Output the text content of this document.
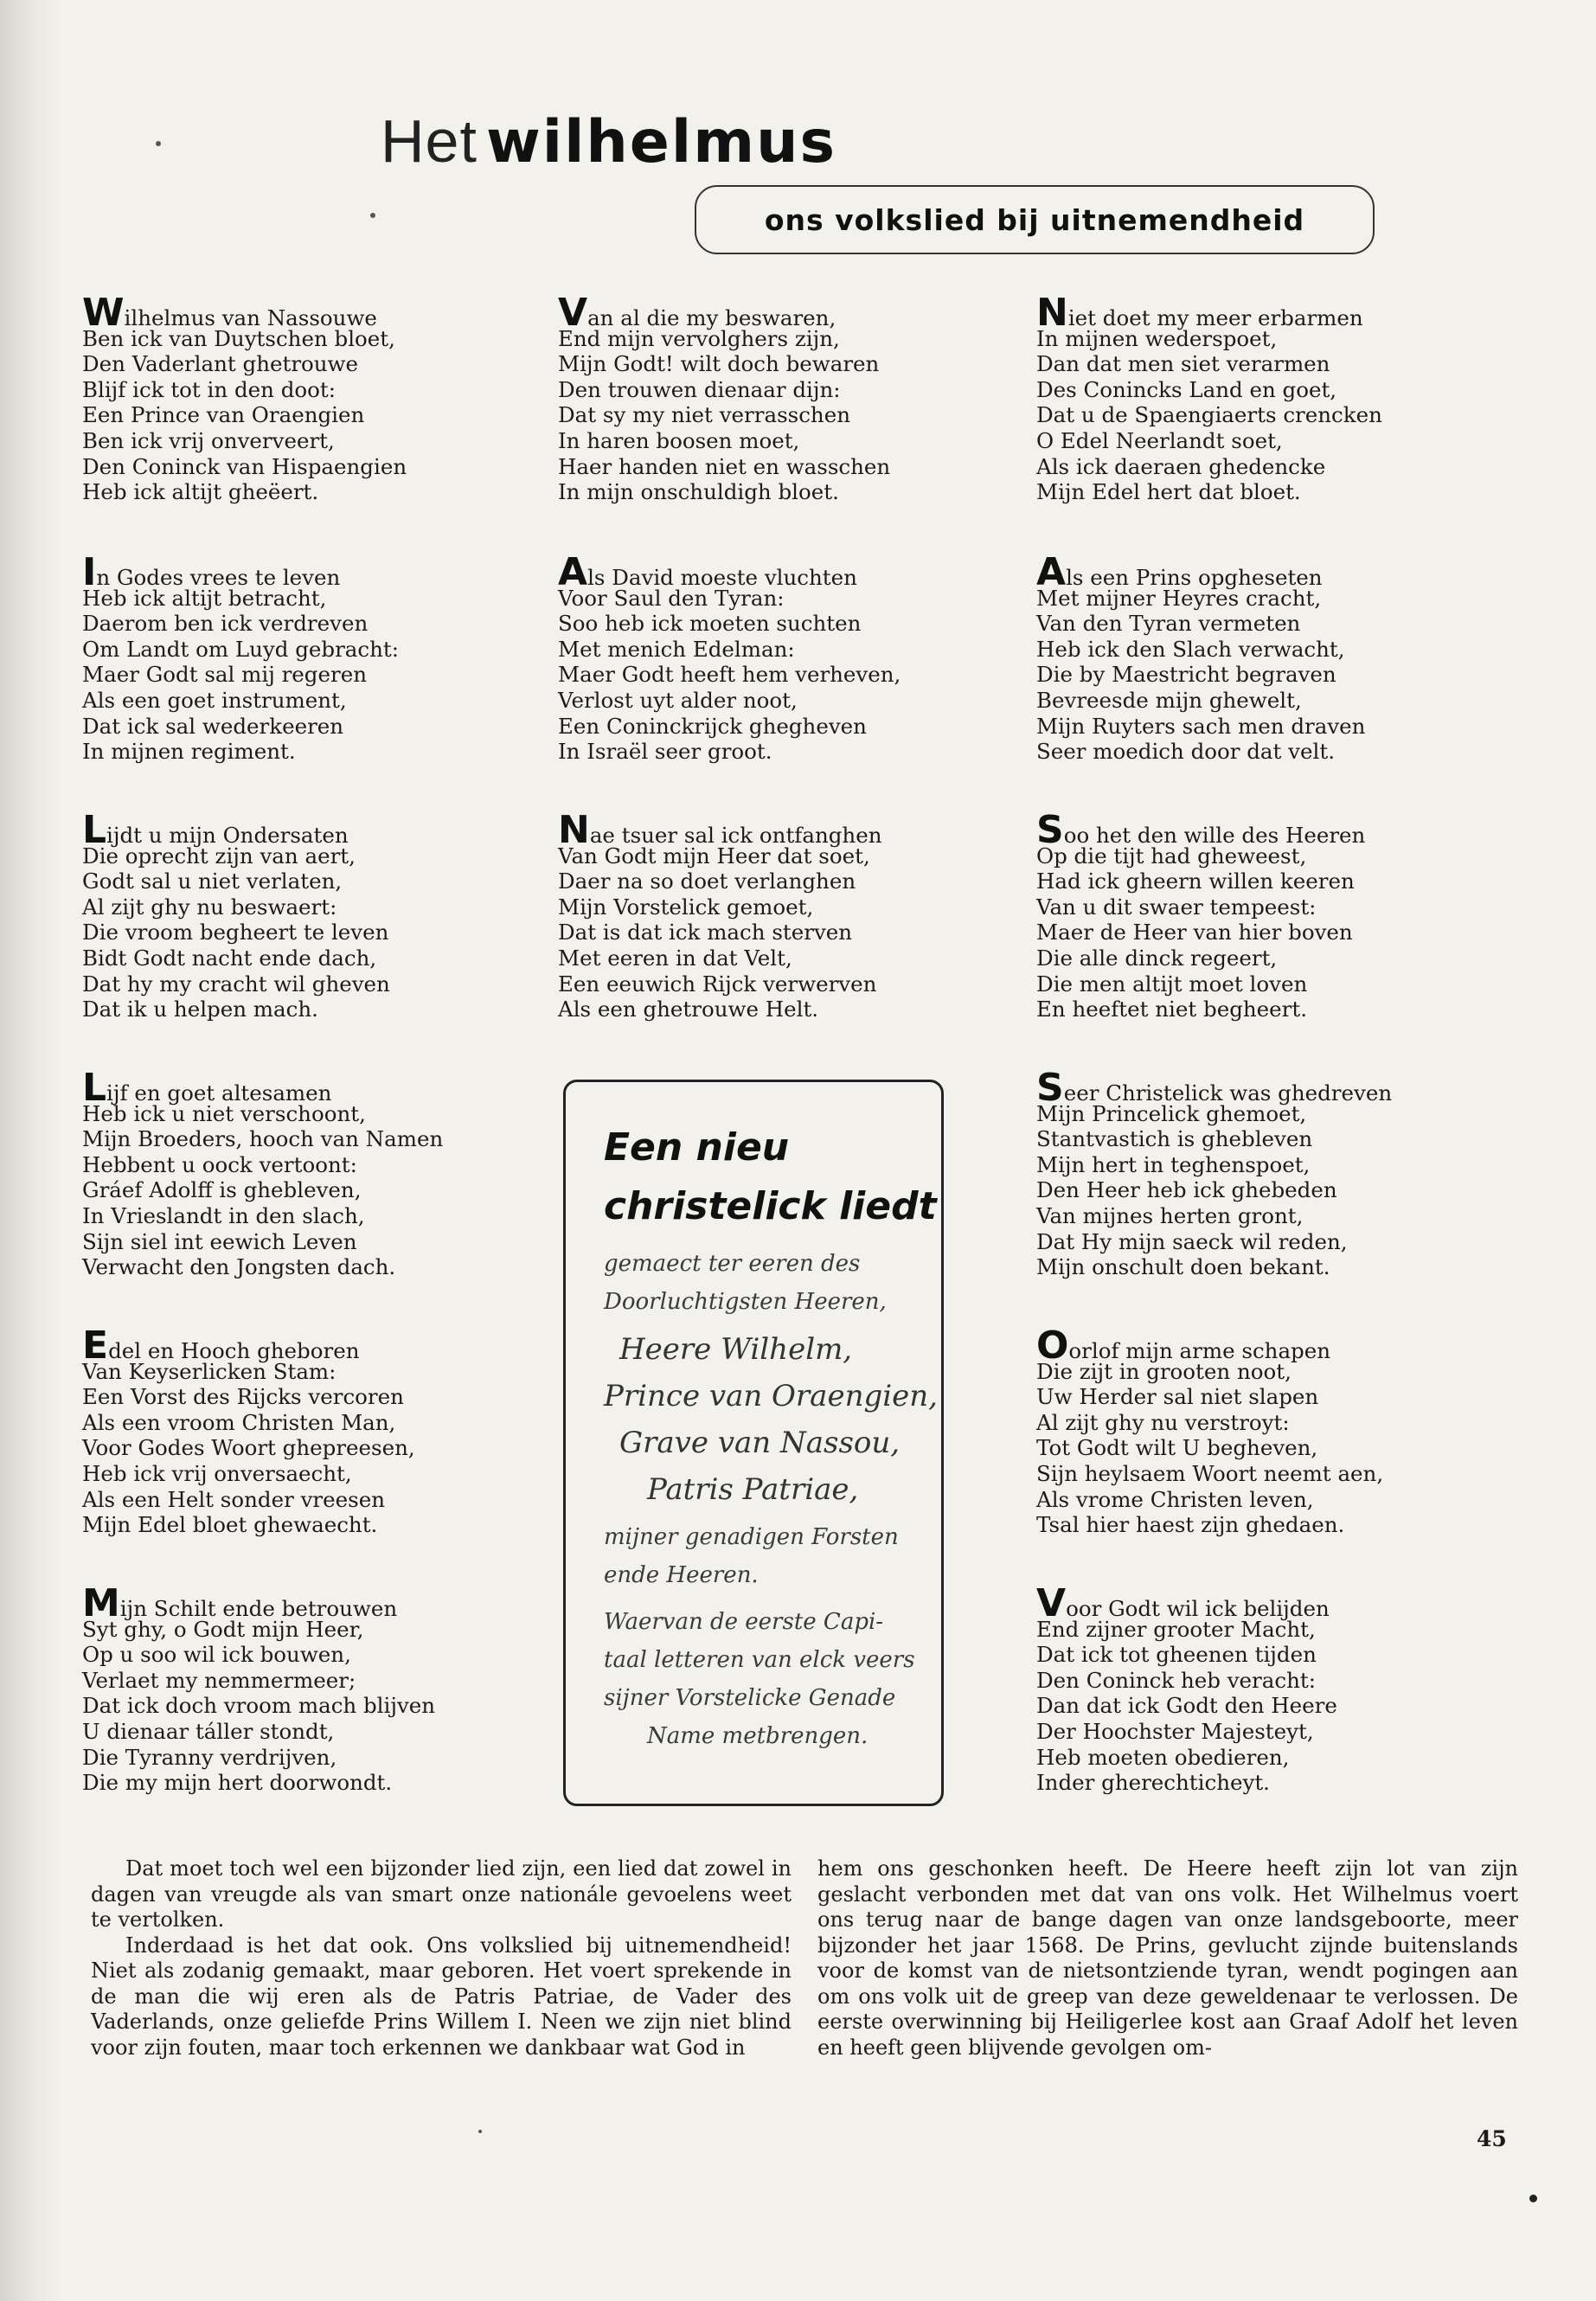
Het wilhelmus
ons volkslied bij uitnemendheid
Wilhelmus van Nassouwe
Ben ick van Duytschen bloet,
Den Vaderlant ghetrouwe
Blijf ick tot in den doot:
Een Prince van Oraengien
Ben ick vrij onverveert,
Den Coninck van Hispaengien
Heb ick altijt gheëert.
In Godes vrees te leven
Heb ick altijt betracht,
Daerom ben ick verdreven
Om Landt om Luyd gebracht:
Maer Godt sal mij regeren
Als een goet instrument,
Dat ick sal wederkeeren
In mijnen regiment.
Lijdt u mijn Ondersaten
Die oprecht zijn van aert,
Godt sal u niet verlaten,
Al zijt ghy nu beswaert:
Die vroom begheert te leven
Bidt Godt nacht ende dach,
Dat hy my cracht wil gheven
Dat ik u helpen mach.
Lijf en goet altesamen
Heb ick u niet verschoont,
Mijn Broeders, hooch van Namen
Hebbent u oock vertoont:
Gráef Adolff is ghebleven,
In Vrieslandt in den slach,
Sijn siel int eewich Leven
Verwacht den Jongsten dach.
Edel en Hooch gheboren
Van Keyserlicken Stam:
Een Vorst des Rijcks vercoren
Als een vroom Christen Man,
Voor Godes Woort ghepreesen,
Heb ick vrij onversaecht,
Als een Helt sonder vreesen
Mijn Edel bloet ghewaecht.
Mijn Schilt ende betrouwen
Syt ghy, o Godt mijn Heer,
Op u soo wil ick bouwen,
Verlaet my nemmermeer;
Dat ick doch vroom mach blijven
U dienaar táller stondt,
Die Tyranny verdrijven,
Die my mijn hert doorwondt.
Van al die my beswaren,
End mijn vervolghers zijn,
Mijn Godt! wilt doch bewaren
Den trouwen dienaar dijn:
Dat sy my niet verrasschen
In haren boosen moet,
Haer handen niet en wasschen
In mijn onschuldigh bloet.
Als David moeste vluchten
Voor Saul den Tyran:
Soo heb ick moeten suchten
Met menich Edelman:
Maer Godt heeft hem verheven,
Verlost uyt alder noot,
Een Coninckrijck ghegheven
In Israël seer groot.
Nae tsuer sal ick ontfanghen
Van Godt mijn Heer dat soet,
Daer na so doet verlanghen
Mijn Vorstelick gemoet,
Dat is dat ick mach sterven
Met eeren in dat Velt,
Een eeuwich Rijck verwerven
Als een ghetrouwe Helt.
Een nieu
christelick liedt
gemaect ter eeren des
Doorluchtigsten Heeren,
Heere Wilhelm,
Prince van Oraengien,
Grave van Nassou,
Patris Patriae,
mijner genadigen Forsten
ende Heeren.
Waervan de eerste Capi-
taal letteren van elck veers
sijner Vorstelicke Genade
Name metbrengen.
Niet doet my meer erbarmen
In mijnen wederspoet,
Dan dat men siet verarmen
Des Conincks Land en goet,
Dat u de Spaengiaerts crencken
O Edel Neerlandt soet,
Als ick daeraen ghedencke
Mijn Edel hert dat bloet.
Als een Prins opgheseten
Met mijner Heyres cracht,
Van den Tyran vermeten
Heb ick den Slach verwacht,
Die by Maestricht begraven
Bevreesde mijn ghewelt,
Mijn Ruyters sach men draven
Seer moedich door dat velt.
Soo het den wille des Heeren
Op die tijt had gheweest,
Had ick gheern willen keeren
Van u dit swaer tempeest:
Maer de Heer van hier boven
Die alle dinck regeert,
Die men altijt moet loven
En heeftet niet begheert.
Seer Christelick was ghedreven
Mijn Princelick ghemoet,
Stantvastich is ghebleven
Mijn hert in teghenspoet,
Den Heer heb ick ghebeden
Van mijnes herten gront,
Dat Hy mijn saeck wil reden,
Mijn onschult doen bekant.
Oorlof mijn arme schapen
Die zijt in grooten noot,
Uw Herder sal niet slapen
Al zijt ghy nu verstroyt:
Tot Godt wilt U begheven,
Sijn heylsaem Woort neemt aen,
Als vrome Christen leven,
Tsal hier haest zijn ghedaen.
Voor Godt wil ick belijden
End zijner grooter Macht,
Dat ick tot gheenen tijden
Den Coninck heb veracht:
Dan dat ick Godt den Heere
Der Hoochster Majesteyt,
Heb moeten obedieren,
Inder gherechticheyt.

Dat moet toch wel een bijzonder lied zijn, een lied dat zowel in dagen van vreugde als van smart onze nationále gevoelens weet te vertolken.

Inderdaad is het dat ook. Ons volkslied bij uitnemendheid! Niet als zodanig gemaakt, maar geboren. Het voert sprekende in de man die wij eren als de Patris Patriae, de Vader des Vaderlands, onze geliefde Prins Willem I. Neen we zijn niet blind voor zijn fouten, maar toch erkennen we dankbaar wat God in

hem ons geschonken heeft. De Heere heeft zijn lot van zijn geslacht verbonden met dat van ons volk. Het Wilhelmus voert ons terug naar de bange dagen van onze landsgeboorte, meer bijzonder het jaar 1568. De Prins, gevlucht zijnde buitenslands voor de komst van de nietsontziende tyran, wendt pogingen aan om ons volk uit de greep van deze geweldenaar te verlossen. De eerste overwinning bij Heiligerlee kost aan Graaf Adolf het leven en heeft geen blijvende gevolgen om-

45
